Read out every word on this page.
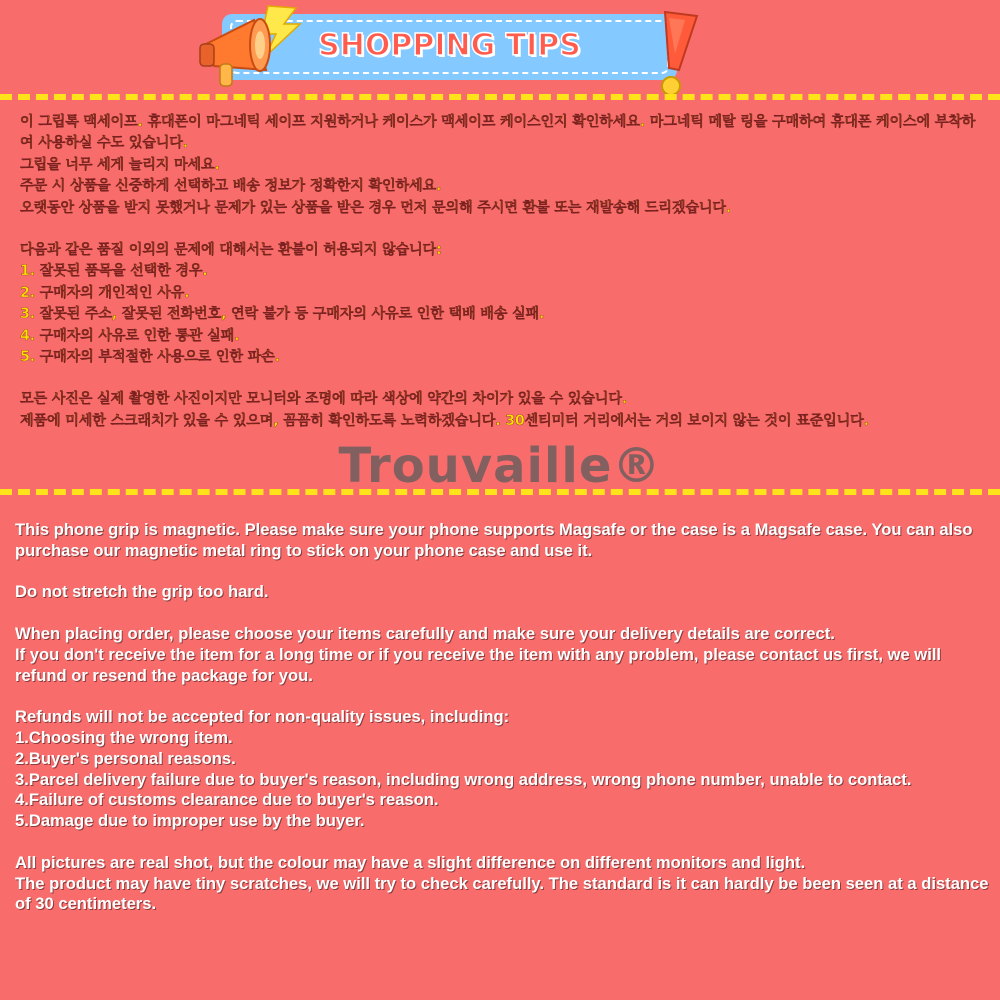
SHOPPING TIPS

이 그립톡 맥세이프. 휴대폰이 마그네틱 세이프 지원하거나 케이스가 맥세이프 케이스인지 확인하세요. 마그네틱 메탈 링을 구매하여 휴대폰 케이스에 부착하여 사용하실 수도 있습니다.

그립을 너무 세게 늘리지 마세요.

주문 시 상품을 신중하게 선택하고 배송 정보가 정확한지 확인하세요.

오랫동안 상품을 받지 못했거나 문제가 있는 상품을 받은 경우 먼저 문의해 주시면 환불 또는 재발송해 드리겠습니다.

다음과 같은 품질 이외의 문제에 대해서는 환불이 허용되지 않습니다:

1. 잘못된 품목을 선택한 경우.

2. 구매자의 개인적인 사유.

3. 잘못된 주소, 잘못된 전화번호, 연락 불가 등 구매자의 사유로 인한 택배 배송 실패.

4. 구매자의 사유로 인한 통관 실패.

5. 구매자의 부적절한 사용으로 인한 파손.

모든 사진은 실제 촬영한 사진이지만 모니터와 조명에 따라 색상에 약간의 차이가 있을 수 있습니다.

제품에 미세한 스크래치가 있을 수 있으며, 꼼꼼히 확인하도록 노력하겠습니다. 30센티미터 거리에서는 거의 보이지 않는 것이 표준입니다.

Trouvaille®

This phone grip is magnetic. Please make sure your phone supports Magsafe or the case is a Magsafe case. You can also purchase our magnetic metal ring to stick on your phone case and use it.

Do not stretch the grip too hard.

When placing order, please choose your items carefully and make sure your delivery details are correct.

If you don't receive the item for a long time or if you receive the item with any problem, please contact us first, we will refund or resend the package for you.

Refunds will not be accepted for non-quality issues, including:

1.Choosing the wrong item.

2.Buyer's personal reasons.

3.Parcel delivery failure due to buyer's reason, including wrong address, wrong phone number, unable to contact.

4.Failure of customs clearance due to buyer's reason.

5.Damage due to improper use by the buyer.

All pictures are real shot, but the colour may have a slight difference on different monitors and light.

The product may have tiny scratches, we will try to check carefully. The standard is it can hardly be been seen at a distance of 30 centimeters.
